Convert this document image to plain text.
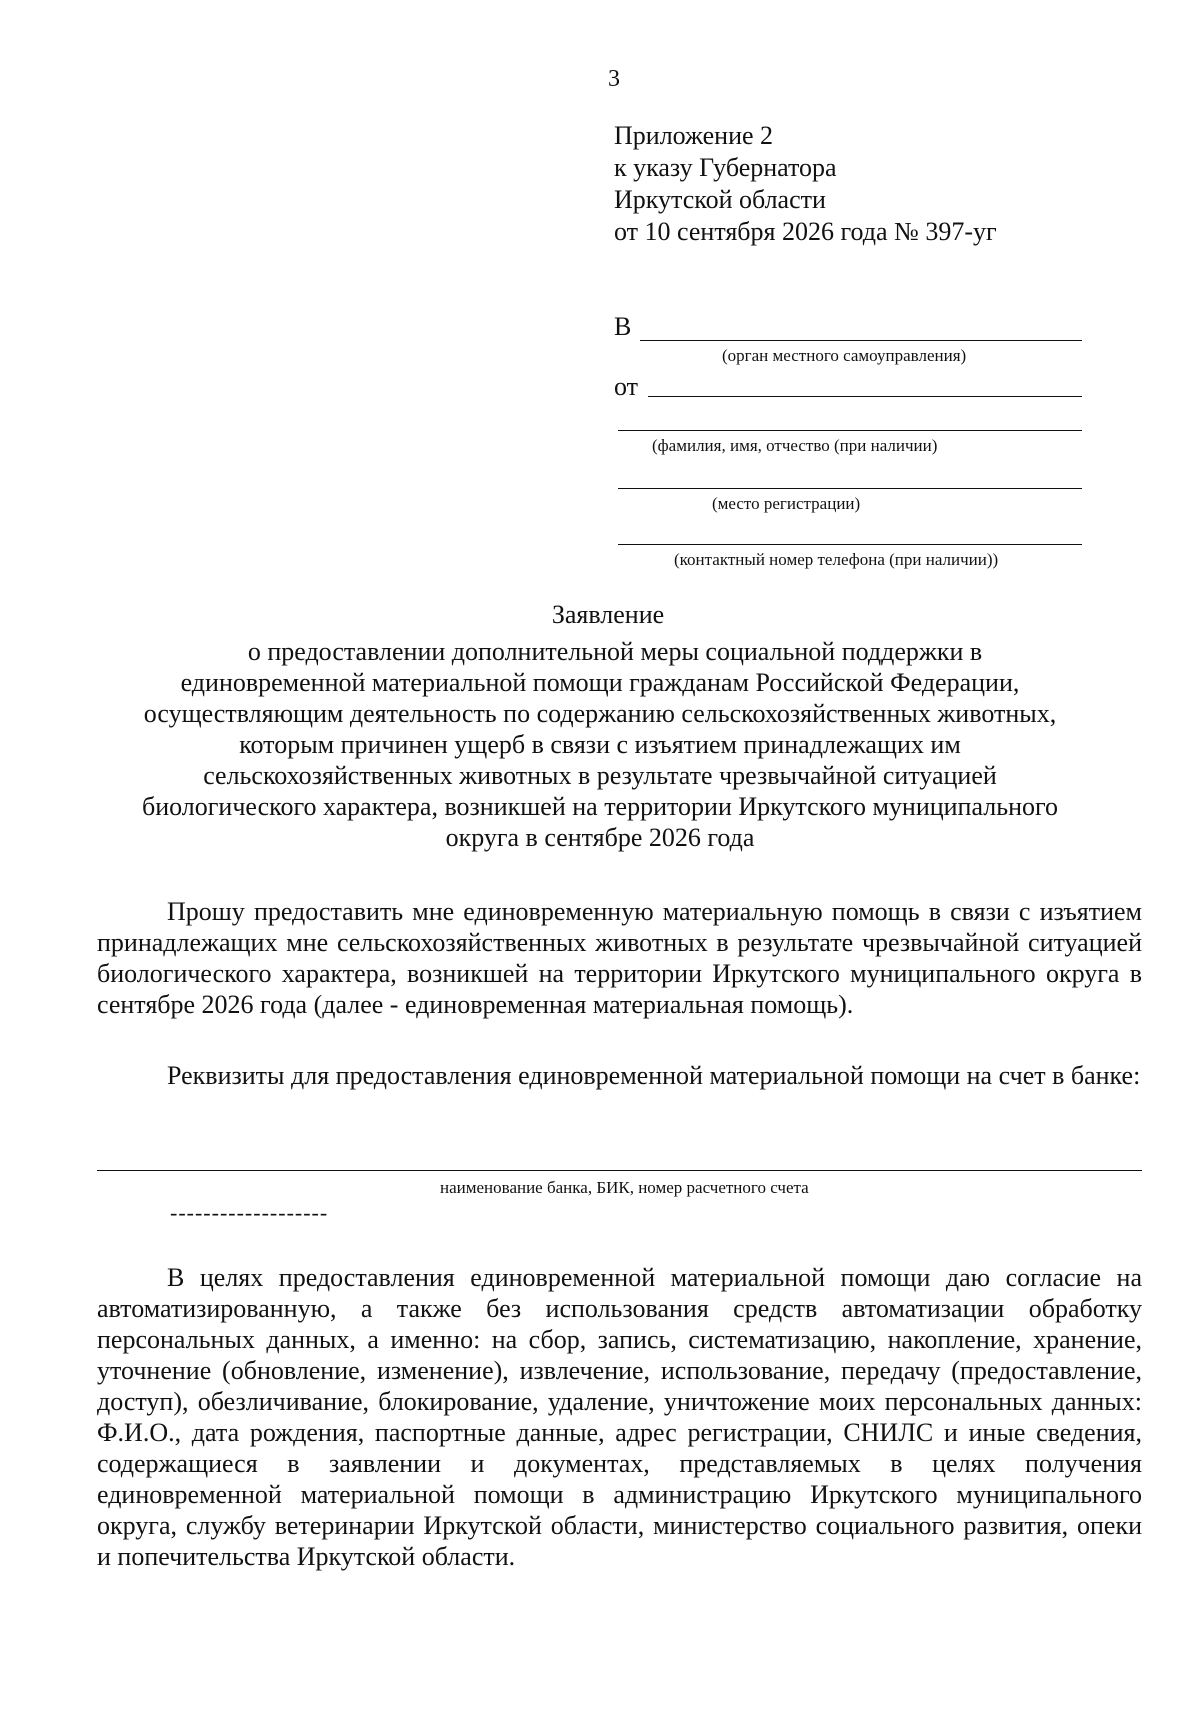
3
Приложение 2
к указу Губернатора
Иркутской области
от 10 сентября 2026 года № 397-уг
В
(орган местного самоуправления)
от
(фамилия, имя, отчество (при наличии)
(место регистрации)
(контактный номер телефона (при наличии))
Заявление
о предоставлении дополнительной меры социальной поддержки в
единовременной материальной помощи гражданам Российской Федерации,
осуществляющим деятельность по содержанию сельскохозяйственных животных,
которым причинен ущерб в связи с изъятием принадлежащих им
сельскохозяйственных животных в результате чрезвычайной ситуацией
биологического характера, возникшей на территории Иркутского муниципального
округа в сентябре 2026 года

Прошу предоставить мне единовременную материальную помощь в связи с изъятием принадлежащих мне сельскохозяйственных животных в результате чрезвычайной ситуацией биологического характера, возникшей на территории Иркутского муниципального округа в сентябре 2026 года (далее - единовременная материальная помощь).

Реквизиты для предоставления единовременной материальной помощи на счет в банке:

наименование банка, БИК, номер расчетного счета
-------------------

В целях предоставления единовременной материальной помощи даю согласие на автоматизированную, а также без использования средств автоматизации обработку персональных данных, а именно: на сбор, запись, систематизацию, накопление, хранение, уточнение (обновление, изменение), извлечение, использование, передачу (предоставление, доступ), обезличивание, блокирование, удаление, уничтожение моих персональных данных: Ф.И.О., дата рождения, паспортные данные, адрес регистрации, СНИЛС и иные сведения, содержащиеся в заявлении и документах, представляемых в целях получения единовременной материальной помощи в администрацию Иркутского муниципального округа, службу ветеринарии Иркутской области, министерство социального развития, опеки и попечительства Иркутской области.
